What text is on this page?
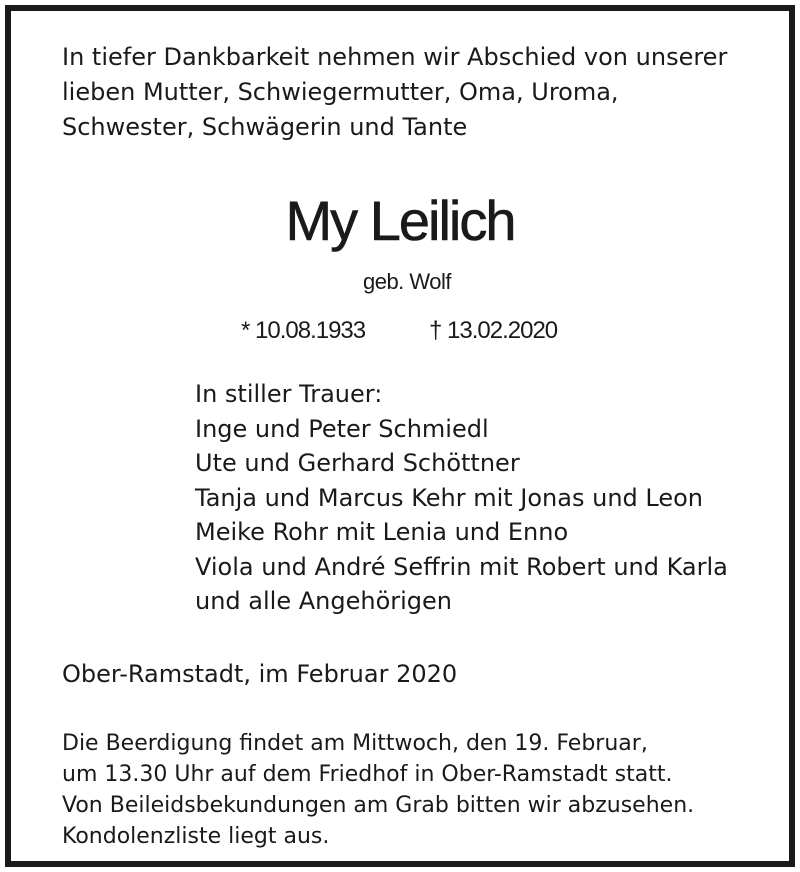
In tiefer Dankbarkeit nehmen wir Abschied von unserer
lieben Mutter, Schwiegermutter, Oma, Uroma,
Schwester, Schwägerin und Tante
My Leilich
geb. Wolf
* 10.08.1933	† 13.02.2020
In stiller Trauer:
Inge und Peter Schmiedl
Ute und Gerhard Schöttner
Tanja und Marcus Kehr mit Jonas und Leon
Meike Rohr mit Lenia und Enno
Viola und André Seffrin mit Robert und Karla
und alle Angehörigen
Ober-Ramstadt, im Februar 2020
Die Beerdigung findet am Mittwoch, den 19. Februar,
um 13.30 Uhr auf dem Friedhof in Ober-Ramstadt statt.
Von Beileidsbekundungen am Grab bitten wir abzusehen.
Kondolenzliste liegt aus.
